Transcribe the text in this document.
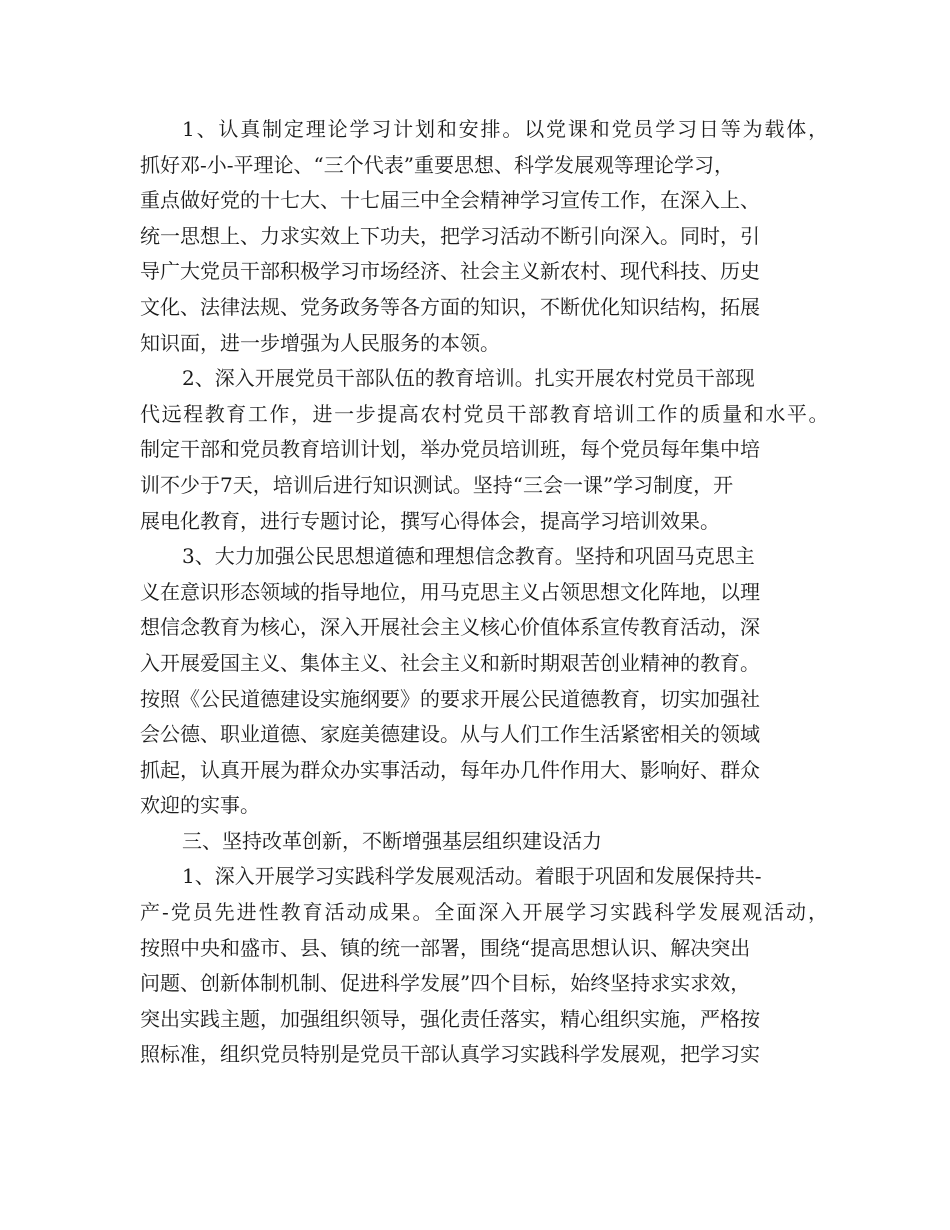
1、认真制定理论学习计划和安排。以党课和党员学习日等为载体，
抓好邓-小-平理论、“三个代表”重要思想、科学发展观等理论学习，
重点做好党的十七大、十七届三中全会精神学习宣传工作，在深入上、
统一思想上、力求实效上下功夫，把学习活动不断引向深入。同时，引
导广大党员干部积极学习市场经济、社会主义新农村、现代科技、历史
文化、法律法规、党务政务等各方面的知识，不断优化知识结构，拓展
知识面，进一步增强为人民服务的本领。
2、深入开展党员干部队伍的教育培训。扎实开展农村党员干部现
代远程教育工作，进一步提高农村党员干部教育培训工作的质量和水平。
制定干部和党员教育培训计划，举办党员培训班，每个党员每年集中培
训不少于7天，培训后进行知识测试。坚持“三会一课”学习制度，开
展电化教育，进行专题讨论，撰写心得体会，提高学习培训效果。
3、大力加强公民思想道德和理想信念教育。坚持和巩固马克思主
义在意识形态领域的指导地位，用马克思主义占领思想文化阵地，以理
想信念教育为核心，深入开展社会主义核心价值体系宣传教育活动，深
入开展爱国主义、集体主义、社会主义和新时期艰苦创业精神的教育。
按照《公民道德建设实施纲要》的要求开展公民道德教育，切实加强社
会公德、职业道德、家庭美德建设。从与人们工作生活紧密相关的领域
抓起，认真开展为群众办实事活动，每年办几件作用大、影响好、群众
欢迎的实事。
三、坚持改革创新，不断增强基层组织建设活力
1、深入开展学习实践科学发展观活动。着眼于巩固和发展保持共-
产-党员先进性教育活动成果。全面深入开展学习实践科学发展观活动，
按照中央和盛市、县、镇的统一部署，围绕“提高思想认识、解决突出
问题、创新体制机制、促进科学发展”四个目标，始终坚持求实求效，
突出实践主题，加强组织领导，强化责任落实，精心组织实施，严格按
照标准，组织党员特别是党员干部认真学习实践科学发展观，把学习实
